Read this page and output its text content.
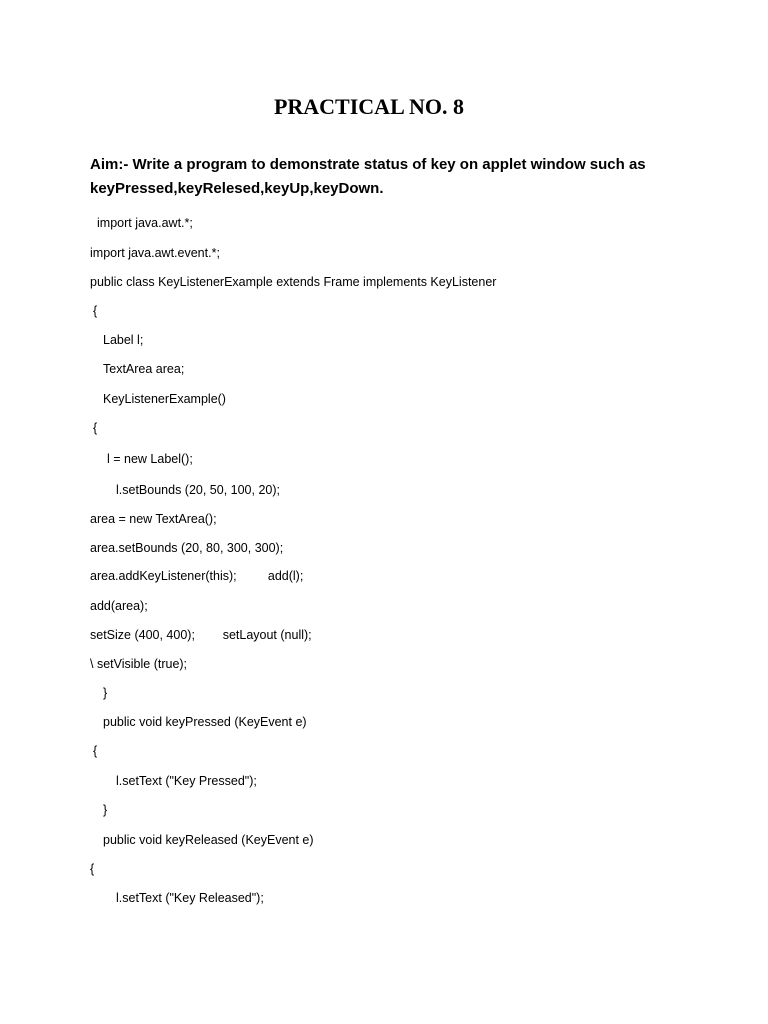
PRACTICAL NO. 8
Aim:- Write a program to demonstrate status of key on applet window such as
keyPressed,keyRelesed,keyUp,keyDown.
import java.awt.*;
import java.awt.event.*;
public class KeyListenerExample extends Frame implements KeyListener
{
Label l;
TextArea area;
KeyListenerExample()
{
l = new Label();
l.setBounds (20, 50, 100, 20);
area = new TextArea();
area.setBounds (20, 80, 300, 300);
area.addKeyListener(this);         add(l);
add(area);
setSize (400, 400);        setLayout (null);
\ setVisible (true);
}
public void keyPressed (KeyEvent e)
{
l.setText ("Key Pressed");
}
public void keyReleased (KeyEvent e)
{
l.setText ("Key Released");
